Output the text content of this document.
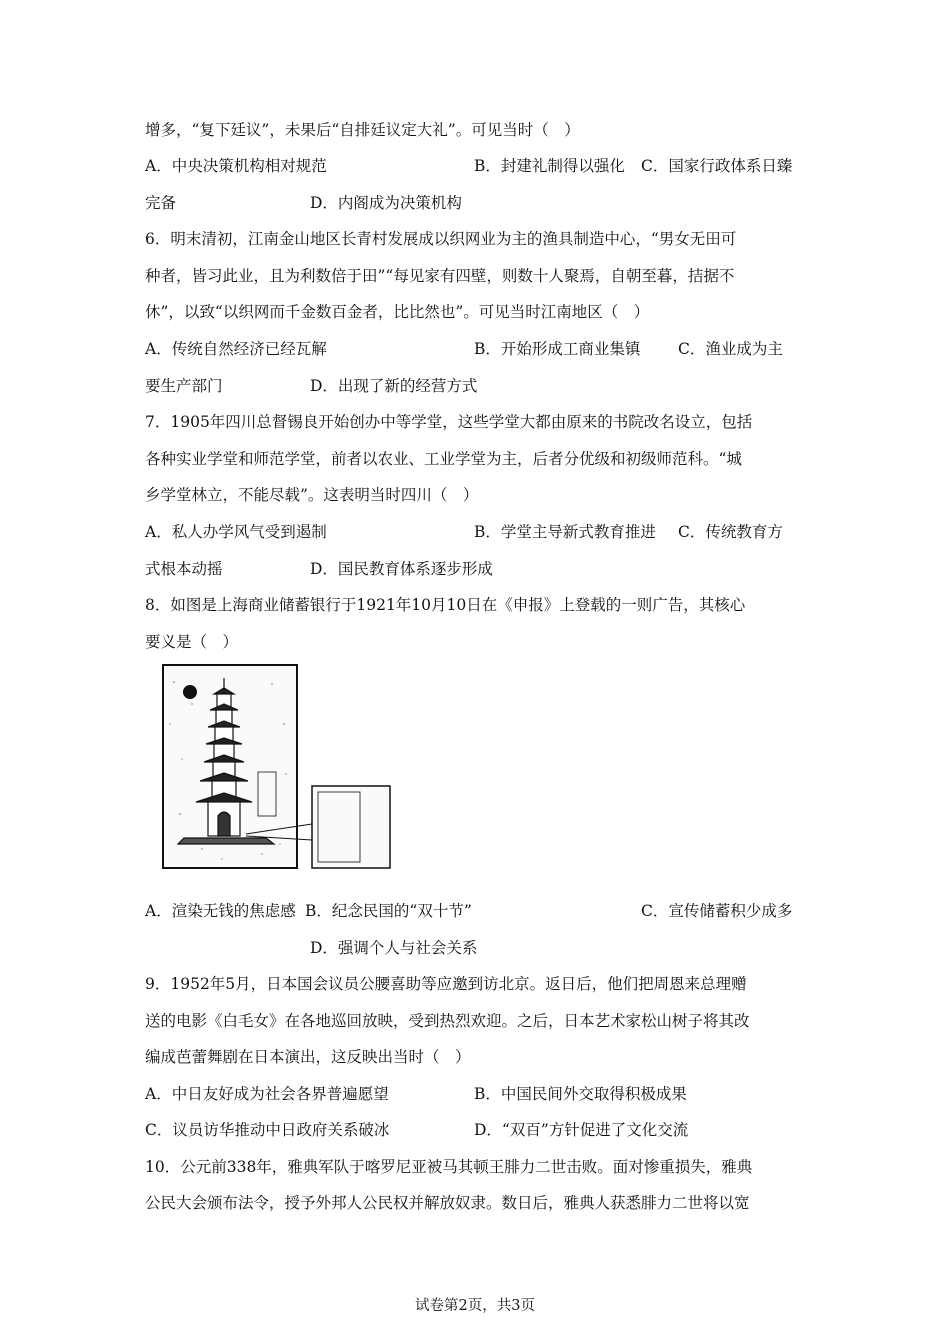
增多，“复下廷议”，未果后“自排廷议定大礼”。可见当时（　）
A．中央决策机构相对规范	B．封建礼制得以强化 C．国家行政体系日臻
完备	D．内阁成为决策机构
6．明末清初，江南金山地区长青村发展成以织网业为主的渔具制造中心，“男女无田可
种者，皆习此业，且为利数倍于田”“每见家有四壁，则数十人聚焉，自朝至暮，拮据不
休”，以致“以织网而千金数百金者，比比然也”。可见当时江南地区（　）
A．传统自然经济已经瓦解	B．开始形成工商业集镇 C．渔业成为主
要生产部门	D．出现了新的经营方式
7．1905年四川总督锡良开始创办中等学堂，这些学堂大都由原来的书院改名设立，包括
各种实业学堂和师范学堂，前者以农业、工业学堂为主，后者分优级和初级师范科。“城
乡学堂林立，不能尽载”。这表明当时四川（　）
A．私人办学风气受到遏制	B．学堂主导新式教育推进 C．传统教育方
式根本动摇	D．国民教育体系逐步形成
8．如图是上海商业储蓄银行于1921年10月10日在《申报》上登载的一则广告，其核心
要义是（　）
A．渲染无钱的焦虑感 B．纪念民国的“双十节”	C．宣传储蓄积少成多
D．强调个人与社会关系
9．1952年5月，日本国会议员公腰喜助等应邀到访北京。返日后，他们把周恩来总理赠
送的电影《白毛女》在各地巡回放映，受到热烈欢迎。之后，日本艺术家松山树子将其改
编成芭蕾舞剧在日本演出，这反映出当时（　）
A．中日友好成为社会各界普遍愿望	B．中国民间外交取得积极成果
C．议员访华推动中日政府关系破冰	D．“双百”方针促进了文化交流
10．公元前338年，雅典军队于喀罗尼亚被马其顿王腓力二世击败。面对惨重损失，雅典
公民大会颁布法令，授予外邦人公民权并解放奴隶。数日后，雅典人获悉腓力二世将以宽
试卷第2页，共3页
